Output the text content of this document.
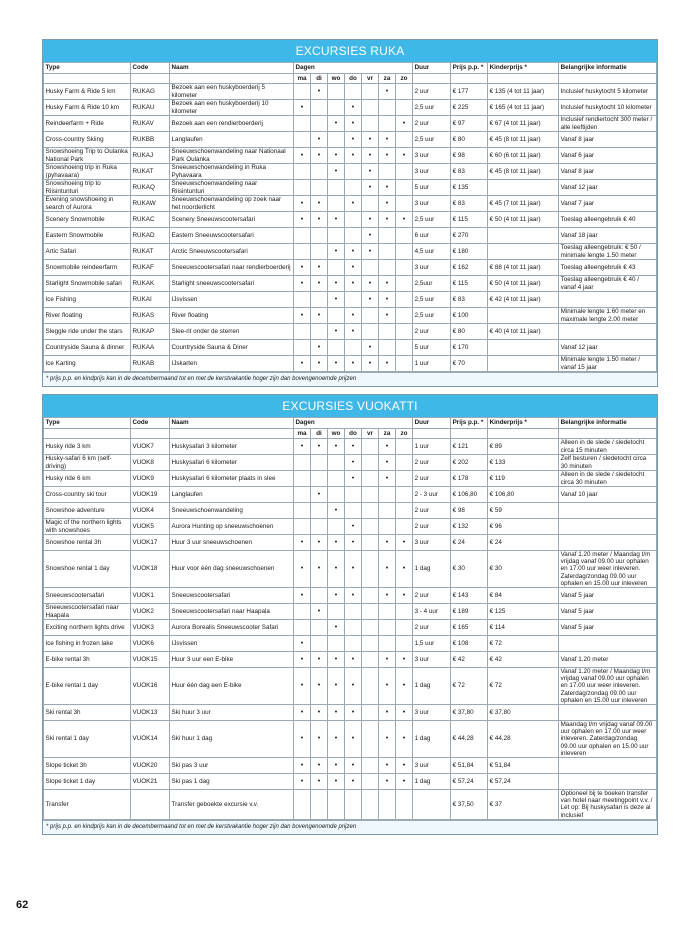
EXCURSIES RUKA
Type	Code	Naam	Dagen							Duur	Prijs p.p. *	Kinderprijs *	Belangrijke informatie
			ma	di	wo	do	vr	za	zo				
Husky Farm & Ride 5 km	RUKAG	Bezoek aan een huskyboerderij 5 kilometer		•				•		2 uur	€ 177	€ 135 (4 tot 11 jaar)	Inclusief huskytocht 5 kilometer
Husky Farm & Ride 10 km	RUKAU	Bezoek aan een huskyboerderij 10 kilometer	•			•				2,5 uur	€ 225	€ 165 (4 tot 11 jaar)	Inclusief huskytocht 10 kilometer
Reindeerfarm + Ride	RUKAV	Bezoek aan een rendierboerderij			•	•			•	2 uur	€ 97	€ 67 (4 tot 11 jaar)	Inclusief rendiertocht 300 meter / alle leeftijden
Cross-country Skiing	RUKBB	Langlaufen		•		•	•	•		2,5 uur	€ 80	€ 45 (8 tot 11 jaar)	Vanaf 8 jaar
Snowshoeing Trip to Oulanka National Park	RUKAJ	Sneeuwschoenwandeling naar Nationaal Park Oulanka	•	•	•	•	•	•	•	3 uur	€ 98	€ 60 (6 tot 11 jaar)	Vanaf 6 jaar
Snowshoeing trip in Ruka (pyhavaara)	RUKAT	Sneeuwschoenwandeling in Ruka Pyhavaara			•		•			3 uur	€ 83	€ 45 (8 tot 11 jaar)	Vanaf 8 jaar
Snowshoeing trip to Riisintunturi	RUKAQ	Sneeuwschoenwandeling naar Riisintunturi					•	•		5 uur	€ 135		Vanaf 12 jaar
Evening snowshoeing in search of Aurora	RUKAW	Sneeuwschoenwandeling op zoek naar het noorderlicht	•	•		•		•		3 uur	€ 83	€ 45 (7 tot 11 jaar)	Vanaf 7 jaar
Scenery Snowmobile	RUKAC	Scenery Sneeuwscootersafari	•	•	•		•	•	•	2,5 uur	€ 115	€ 50 (4 tot 11 jaar)	Toeslag alleengebruik € 40
Eastern Snowmobile	RUKAD	Eastern Sneeuwscootersafari					•			6 uur	€ 270		Vanaf 18 jaar
Artic Safari	RUKAT	Arctic Sneeuwscootersafari			•	•	•			4,5 uur	€ 180		Toeslag alleengebruik: € 50 / minimale lengte 1.50 meter
Snowmobile reindeerfarm	RUKAF	Sneeuwscootersafari naar rendierboerderij	•	•		•				3 uur	€ 162	€ 88 (4 tot 11 jaar)	Toeslag alleengebruik € 43
Starlight Snowmobile safari	RUKAK	Starlight sneeuwscootersafari	•	•	•	•	•	•		2,5uur	€ 115	€ 50 (4 tot 11 jaar)	Toeslag alleengebruik € 40 / vanaf 4 jaar
Ice Fishing	RUKAI	IJsvissen			•		•	•		2,5 uur	€ 83	€ 42 (4 tot 11 jaar)	
River floating	RUKAS	River floating	•	•		•		•		2,5 uur	€ 100		Minimale lengte 1.60 meter en maximale lengte 2.00 meter
Sleggle ride under the stars	RUKAP	Slee-rit onder de sterren			•	•				2 uur	€ 80	€ 40 (4 tot 11 jaar)	
Countryside Sauna & dinner	RUKAA	Countryside Sauna & Diner		•			•			5 uur	€ 170		Vanaf 12 jaar
Ice Karting	RUKAB	IJskarten	•	•	•	•	•	•		1 uur	€ 70		Minimale lengte 1.50 meter / vanaf 15 jaar
* prijs p.p. en kindprijs kan in de decembermaand tot en met de kerstvakantie hoger zijn dan bovengenoemde prijzen
EXCURSIES VUOKATTI
Type	Code	Naam	Dagen							Duur	Prijs p.p. *	Kinderprijs *	Belangrijke informatie
			ma	di	wo	do	vr	za	zo				
Husky ride 3 km	VUOK7	Huskysafari 3 kilometer	•	•	•	•		•		1 uur	€ 121	€ 89	Alleen in de slede / sledetocht circa 15 minuten
Husky-safari 6 km (self-driving)	VUOK8	Huskysafari 6 kilometer				•		•		2 uur	€ 202	€ 133	Zelf besturen / sledetocht circa 30 minuten
Husky ride 6 km	VUOK9	Huskysafari 6 kilometer plaats in slee				•		•		2 uur	€ 178	€ 119	Alleen in de slede / sledetocht circa 30 minuten
Cross-country ski tour	VUOK19	Langlaufen		•						2 - 3 uur	€ 106,80	€ 106,80	Vanaf 10 jaar
Snowshoe adventure	VUOK4	Sneeuwschoenwandeling			•					2 uur	€ 98	€ 59	
Magic of the northern lights with snowshoes	VUOK5	Aurora Hunting op sneeuwschoenen				•				2 uur	€ 132	€ 96	
Snowshoe rental 3h	VUOK17	Huur 3 uur sneeuwschoenen	•	•	•	•		•	•	3 uur	€ 24	€ 24	
Snowshoe rental 1 day	VUOK18	Huur voor één dag sneeuwschoenen	•	•	•	•		•	•	1 dag	€ 30	€ 30	Vanaf 1.20 meter / Maandag t/m vrijdag vanaf 09.00 uur ophalen en 17.00 uur weer inleveren. Zaterdag/zondag 09.00 uur ophalen en 15.00 uur inleveren
Sneeuwscootersafari	VUOK1	Sneeuwscootersafari	•		•	•		•	•	2 uur	€ 143	€ 84	Vanaf 5 jaar
Sneeuwscootersafari naar Haapala	VUOK2	Sneeuwscootersafari naar Haapala		•						3 - 4 uur	€ 189	€ 125	Vanaf 5 jaar
Exciting northern lights drive	VUOK3	Aurora Borealis Sneeuwscooter Safari			•					2 uur	€ 165	€ 114	Vanaf 5 jaar
Ice fishing in frozen lake	VUOK6	IJsvissen	•							1,5 uur	€ 108	€ 72	
E-bike rental 3h	VUOK15	Huur 3 uur een E-bike	•	•	•	•		•	•	3 uur	€ 42	€ 42	Vanaf 1.20 meter
E-bike rental 1 day	VUOK16	Huur één dag een E-bike	•	•	•	•		•	•	1 dag	€ 72	€ 72	Vanaf 1.20 meter / Maandag t/m vrijdag vanaf 09.00 uur ophalen en 17.00 uur weer inleveren. Zaterdag/zondag 09.00 uur ophalen en 15.00 uur inleveren
Ski rental 3h	VUOK13	Ski huur 3 uur	•	•	•	•		•	•	3 uur	€ 37,80	€ 37,80	
Ski rental 1 day	VUOK14	Ski huur 1 dag	•	•	•	•		•	•	1 dag	€ 44,28	€ 44,28	Maandag t/m vrijdag vanaf 09.00 uur ophalen en 17.00 uur weer inleveren. Zaterdag/zondag 09.00 uur ophalen en 15.00 uur inleveren
Slope ticket 3h	VUOK20	Ski pas 3 uur	•	•	•	•		•	•	3 uur	€ 51,84	€ 51,84	
Slope ticket 1 day	VUOK21	Ski pas 1 dag	•	•	•	•		•	•	1 dag	€ 57,24	€ 57,24	
Transfer		Transfer geboekte excursie v.v.									€ 37,50	€ 37	Optioneel bij te boeken transfer van hotel naar meetingpoint v.v. / Let op: Bij huskysafari is deze al inclusief
* prijs p.p. en kindprijs kan in de decembermaand tot en met de kerstvakantie hoger zijn dan bovengenoemde prijzen
62
